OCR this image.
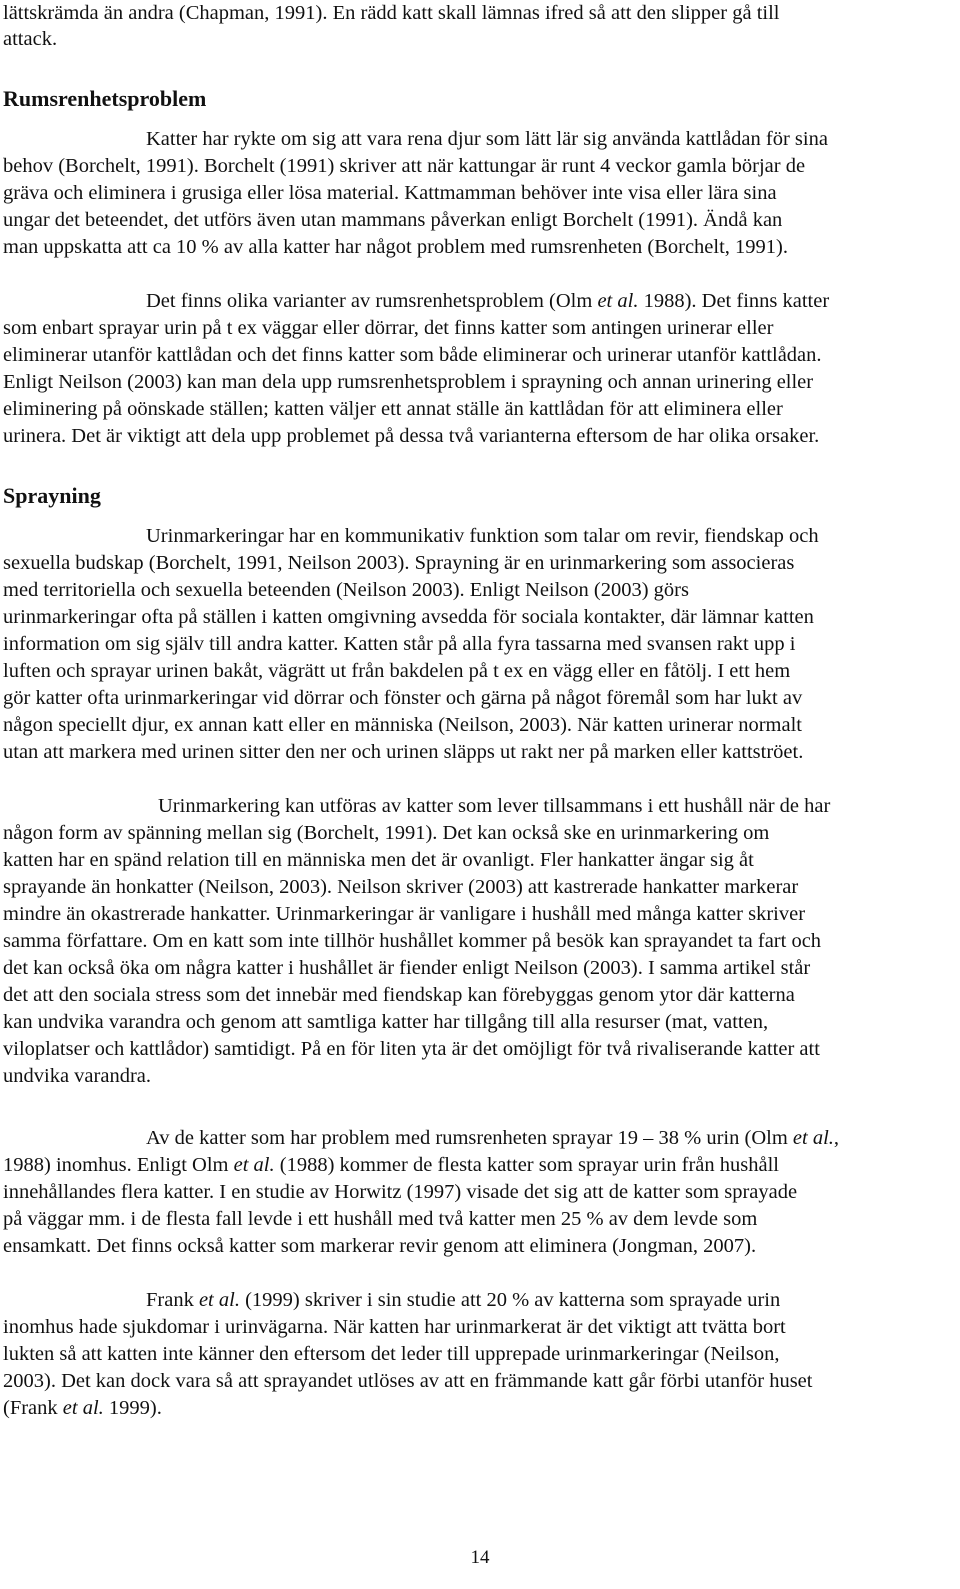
lättskrämda än andra (Chapman, 1991). En rädd katt skall lämnas ifred så att den slipper gå till
attack.
Rumsrenhetsproblem
Katter har rykte om sig att vara rena djur som lätt lär sig använda kattlådan för sina
behov (Borchelt, 1991). Borchelt (1991) skriver att när kattungar är runt 4 veckor gamla börjar de
gräva och eliminera i grusiga eller lösa material. Kattmamman behöver inte visa eller lära sina
ungar det beteendet, det utförs även utan mammans påverkan enligt Borchelt (1991). Ändå kan
man uppskatta att ca 10 % av alla katter har något problem med rumsrenheten (Borchelt, 1991).
Det finns olika varianter av rumsrenhetsproblem (Olm et al. 1988). Det finns katter
som enbart sprayar urin på t ex väggar eller dörrar, det finns katter som antingen urinerar eller
eliminerar utanför kattlådan och det finns katter som både eliminerar och urinerar utanför kattlådan.
Enligt Neilson (2003) kan man dela upp rumsrenhetsproblem i sprayning och annan urinering eller
eliminering på oönskade ställen; katten väljer ett annat ställe än kattlådan för att eliminera eller
urinera. Det är viktigt att dela upp problemet på dessa två varianterna eftersom de har olika orsaker.
Sprayning
Urinmarkeringar har en kommunikativ funktion som talar om revir, fiendskap och
sexuella budskap (Borchelt, 1991, Neilson 2003). Sprayning är en urinmarkering som associeras
med territoriella och sexuella beteenden (Neilson 2003). Enligt Neilson (2003) görs
urinmarkeringar ofta på ställen i katten omgivning avsedda för sociala kontakter, där lämnar katten
information om sig själv till andra katter. Katten står på alla fyra tassarna med svansen rakt upp i
luften och sprayar urinen bakåt, vägrätt ut från bakdelen på t ex en vägg eller en fåtölj. I ett hem
gör katter ofta urinmarkeringar vid dörrar och fönster och gärna på något föremål som har lukt av
någon speciellt djur, ex annan katt eller en människa (Neilson, 2003). När katten urinerar normalt
utan att markera med urinen sitter den ner och urinen släpps ut rakt ner på marken eller kattströet.
Urinmarkering kan utföras av katter som lever tillsammans i ett hushåll när de har
någon form av spänning mellan sig (Borchelt, 1991). Det kan också ske en urinmarkering om
katten har en spänd relation till en människa men det är ovanligt. Fler hankatter ängar sig åt
sprayande än honkatter (Neilson, 2003). Neilson skriver (2003) att kastrerade hankatter markerar
mindre än okastrerade hankatter. Urinmarkeringar är vanligare i hushåll med många katter skriver
samma författare. Om en katt som inte tillhör hushållet kommer på besök kan sprayandet ta fart och
det kan också öka om några katter i hushållet är fiender enligt Neilson (2003). I samma artikel står
det att den sociala stress som det innebär med fiendskap kan förebyggas genom ytor där katterna
kan undvika varandra och genom att samtliga katter har tillgång till alla resurser (mat, vatten,
viloplatser och kattlådor) samtidigt. På en för liten yta är det omöjligt för två rivaliserande katter att
undvika varandra.
Av de katter som har problem med rumsrenheten sprayar 19 – 38 % urin (Olm et al.,
1988) inomhus. Enligt Olm et al. (1988) kommer de flesta katter som sprayar urin från hushåll
innehållandes flera katter. I en studie av Horwitz (1997) visade det sig att de katter som sprayade
på väggar mm. i de flesta fall levde i ett hushåll med två katter men 25 % av dem levde som
ensamkatt. Det finns också katter som markerar revir genom att eliminera (Jongman, 2007).
Frank et al. (1999) skriver i sin studie att 20 % av katterna som sprayade urin
inomhus hade sjukdomar i urinvägarna. När katten har urinmarkerat är det viktigt att tvätta bort
lukten så att katten inte känner den eftersom det leder till upprepade urinmarkeringar (Neilson,
2003). Det kan dock vara så att sprayandet utlöses av att en främmande katt går förbi utanför huset
(Frank et al. 1999).
14
